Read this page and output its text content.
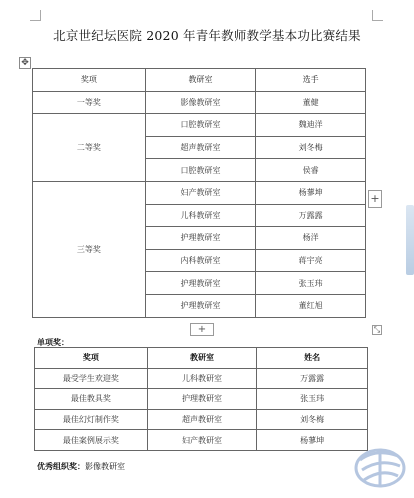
北京世纪坛医院 2020 年青年教师教学基本功比赛结果
✥
奖项	教研室	选手
一等奖	影像教研室	董健
二等奖	口腔教研室	魏迪洋
	超声教研室	刘冬梅
	口腔教研室	侯睿
三等奖	妇产教研室	杨蓼坤
	儿科教研室	万露露
	护理教研室	杨洋
	内科教研室	蒋宇亮
	护理教研室	张玉玮
	护理教研室	董红旭
+
+	⤡
单项奖：
奖项	教研室	姓名
最受学生欢迎奖	儿科教研室	万露露
最佳教具奖	护理教研室	张玉玮
最佳幻灯制作奖	超声教研室	刘冬梅
最佳案例展示奖	妇产教研室	杨蓼坤
优秀组织奖：影像教研室
